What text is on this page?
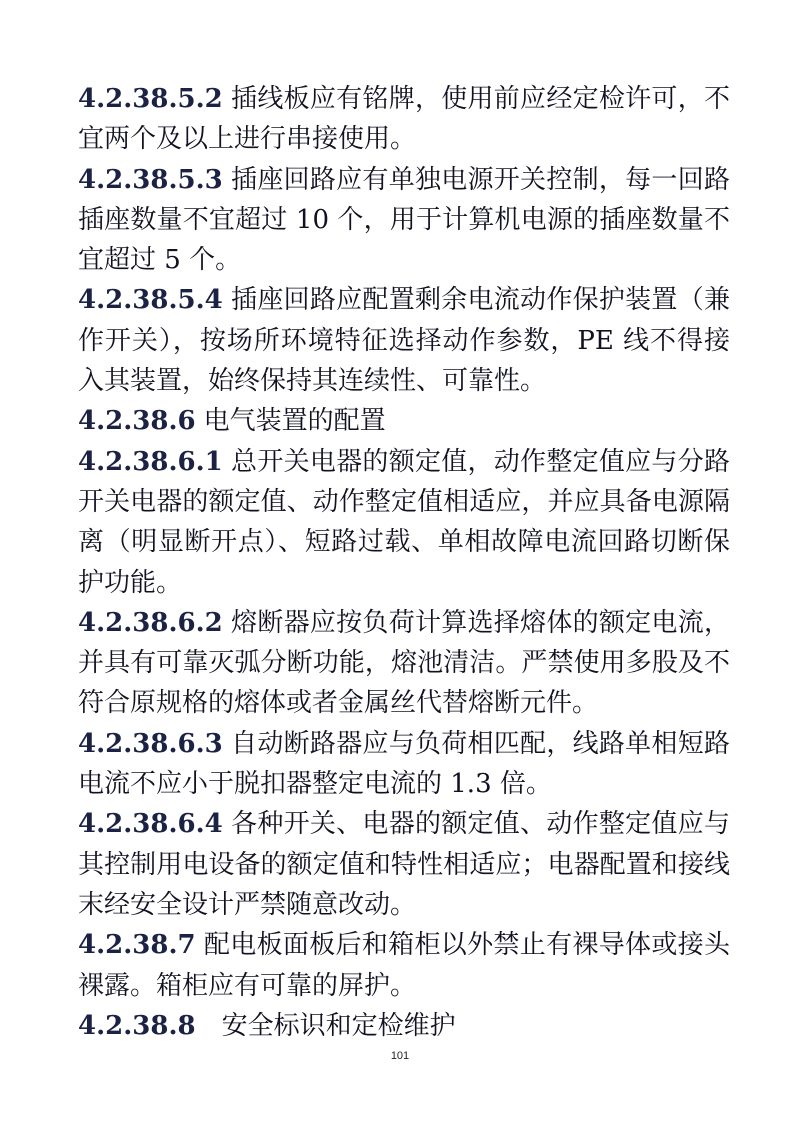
4.2.38.5.2 插线板应有铭牌，使用前应经定检许可，不宜两个及以上进行串接使用。

4.2.38.5.3 插座回路应有单独电源开关控制，每一回路插座数量不宜超过 10 个，用于计算机电源的插座数量不宜超过 5 个。

4.2.38.5.4 插座回路应配置剩余电流动作保护装置（兼作开关），按场所环境特征选择动作参数，PE 线不得接入其装置，始终保持其连续性、可靠性。

4.2.38.6 电气装置的配置

4.2.38.6.1 总开关电器的额定值，动作整定值应与分路开关电器的额定值、动作整定值相适应，并应具备电源隔离（明显断开点）、短路过载、单相故障电流回路切断保护功能。

4.2.38.6.2 熔断器应按负荷计算选择熔体的额定电流，并具有可靠灭弧分断功能，熔池清洁。严禁使用多股及不符合原规格的熔体或者金属丝代替熔断元件。

4.2.38.6.3 自动断路器应与负荷相匹配，线路单相短路电流不应小于脱扣器整定电流的 1.3 倍。

4.2.38.6.4 各种开关、电器的额定值、动作整定值应与其控制用电设备的额定值和特性相适应；电器配置和接线末经安全设计严禁随意改动。

4.2.38.7 配电板面板后和箱柜以外禁止有裸导体或接头裸露。箱柜应有可靠的屏护。

4.2.38.8 安全标识和定检维护

101
